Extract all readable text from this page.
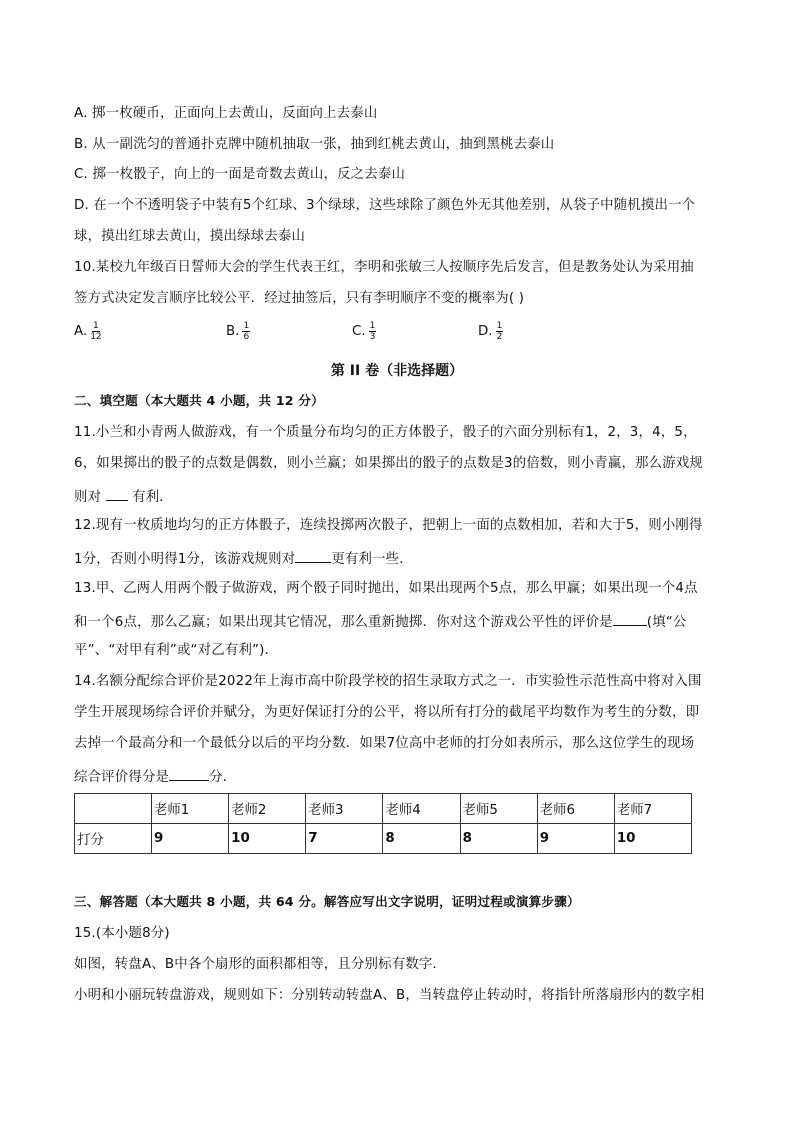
A. 掷一枚硬币，正面向上去黄山，反面向上去泰山
B. 从一副洗匀的普通扑克牌中随机抽取一张，抽到红桃去黄山，抽到黑桃去泰山
C. 掷一枚骰子，向上的一面是奇数去黄山，反之去泰山
D. 在一个不透明袋子中装有5个红球、3个绿球，这些球除了颜色外无其他差别，从袋子中随机摸出一个
球，摸出红球去黄山，摸出绿球去泰山
10.某校九年级百日誓师大会的学生代表王红，李明和张敏三人按顺序先后发言，但是教务处认为采用抽
签方式决定发言顺序比较公平．经过抽签后，只有李明顺序不变的概率为( )
A. $\frac{1}{12}$	B. $\frac{1}{6}$	C. $\frac{1}{3}$	D. $\frac{1}{2}$
第 II 卷（非选择题）
二、填空题（本大题共 4 小题，共 12 分）
11.小兰和小青两人做游戏，有一个质量分布均匀的正方体骰子，骰子的六面分别标有1，2，3，4，5，
6，如果掷出的骰子的点数是偶数，则小兰赢；如果掷出的骰子的点数是3的倍数，则小青赢，那么游戏规
则对  有利．
12.现有一枚质地均匀的正方体骰子，连续投掷两次骰子，把朝上一面的点数相加，若和大于5，则小刚得
1分，否则小明得1分，该游戏规则对	更有利一些．
13.甲、乙两人用两个骰子做游戏，两个骰子同时抛出，如果出现两个5点，那么甲赢；如果出现一个4点
和一个6点，那么乙赢；如果出现其它情况，那么重新抛掷．你对这个游戏公平性的评价是	(填“公
平”、“对甲有利”或“对乙有利”)．
14.名额分配综合评价是2022年上海市高中阶段学校的招生录取方式之一．市实验性示范性高中将对入围
学生开展现场综合评价并赋分，为更好保证打分的公平，将以所有打分的截尾平均数作为考生的分数，即
去掉一个最高分和一个最低分以后的平均分数．如果7位高中老师的打分如表所示，那么这位学生的现场
综合评价得分是	分．
	老师1	老师2	老师3	老师4	老师5	老师6	老师7
打分	9	10	7	8	8	9	10
三、解答题（本大题共 8 小题，共 64 分。解答应写出文字说明，证明过程或演算步骤）
15.(本小题8分)
如图，转盘A、B中各个扇形的面积都相等，且分别标有数字．
小明和小丽玩转盘游戏，规则如下：分别转动转盘A、B，当转盘停止转动时，将指针所落扇形内的数字相
